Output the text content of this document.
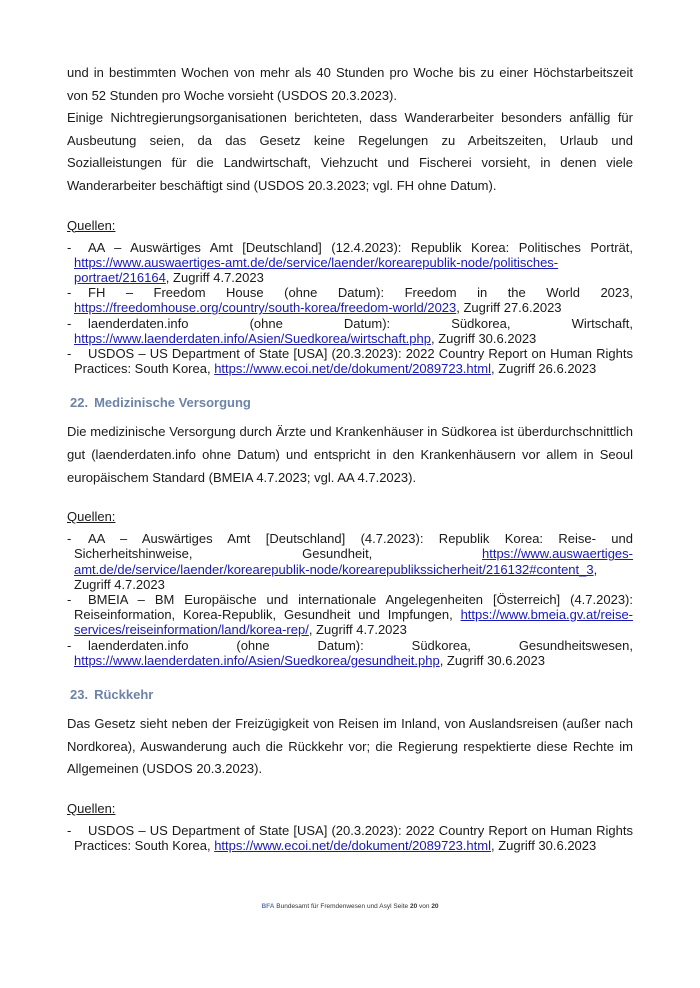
und in bestimmten Wochen von mehr als 40 Stunden pro Woche bis zu einer Höchstarbeitszeit von 52 Stunden pro Woche vorsieht (USDOS 20.3.2023).

Einige Nichtregierungsorganisationen berichteten, dass Wanderarbeiter besonders anfällig für Ausbeutung seien, da das Gesetz keine Regelungen zu Arbeitszeiten, Urlaub und Sozialleistungen für die Landwirtschaft, Viehzucht und Fischerei vorsieht, in denen viele Wanderarbeiter beschäftigt sind (USDOS 20.3.2023; vgl. FH ohne Datum).

Quellen:

- AA – Auswärtiges Amt [Deutschland] (12.4.2023): Republik Korea: Politisches Porträt, https://www.auswaertiges-amt.de/de/service/laender/korearepublik-node/politisches-portraet/216164, Zugriff 4.7.2023
- FH – Freedom House (ohne Datum): Freedom in the World 2023, https://freedomhouse.org/country/south-korea/freedom-world/2023, Zugriff 27.6.2023
- laenderdaten.info (ohne Datum): Südkorea, Wirtschaft, https://www.laenderdaten.info/Asien/Suedkorea/wirtschaft.php, Zugriff 30.6.2023
- USDOS – US Department of State [USA] (20.3.2023): 2022 Country Report on Human Rights Practices: South Korea, https://www.ecoi.net/de/dokument/2089723.html, Zugriff 26.6.2023
22. Medizinische Versorgung

Die medizinische Versorgung durch Ärzte und Krankenhäuser in Südkorea ist überdurchschnittlich gut (laenderdaten.info ohne Datum) und entspricht in den Krankenhäusern vor allem in Seoul europäischem Standard (BMEIA 4.7.2023; vgl. AA 4.7.2023).

Quellen:

- AA – Auswärtiges Amt [Deutschland] (4.7.2023): Republik Korea: Reise- und Sicherheitshinweise, Gesundheit, https://www.auswaertiges-amt.de/de/service/laender/korearepublik-node/korearepublikssicherheit/216132#content_3, Zugriff 4.7.2023
- BMEIA – BM Europäische und internationale Angelegenheiten [Österreich] (4.7.2023): Reiseinformation, Korea-Republik, Gesundheit und Impfungen, https://www.bmeia.gv.at/reise-services/reiseinformation/land/korea-rep/, Zugriff 4.7.2023
- laenderdaten.info (ohne Datum): Südkorea, Gesundheitswesen, https://www.laenderdaten.info/Asien/Suedkorea/gesundheit.php, Zugriff 30.6.2023
23. Rückkehr

Das Gesetz sieht neben der Freizügigkeit von Reisen im Inland, von Auslandsreisen (außer nach Nordkorea), Auswanderung auch die Rückkehr vor; die Regierung respektierte diese Rechte im Allgemeinen (USDOS 20.3.2023).

Quellen:

- USDOS – US Department of State [USA] (20.3.2023): 2022 Country Report on Human Rights Practices: South Korea, https://www.ecoi.net/de/dokument/2089723.html, Zugriff 30.6.2023
BFA Bundesamt für Fremdenwesen und Asyl Seite 20 von 20
